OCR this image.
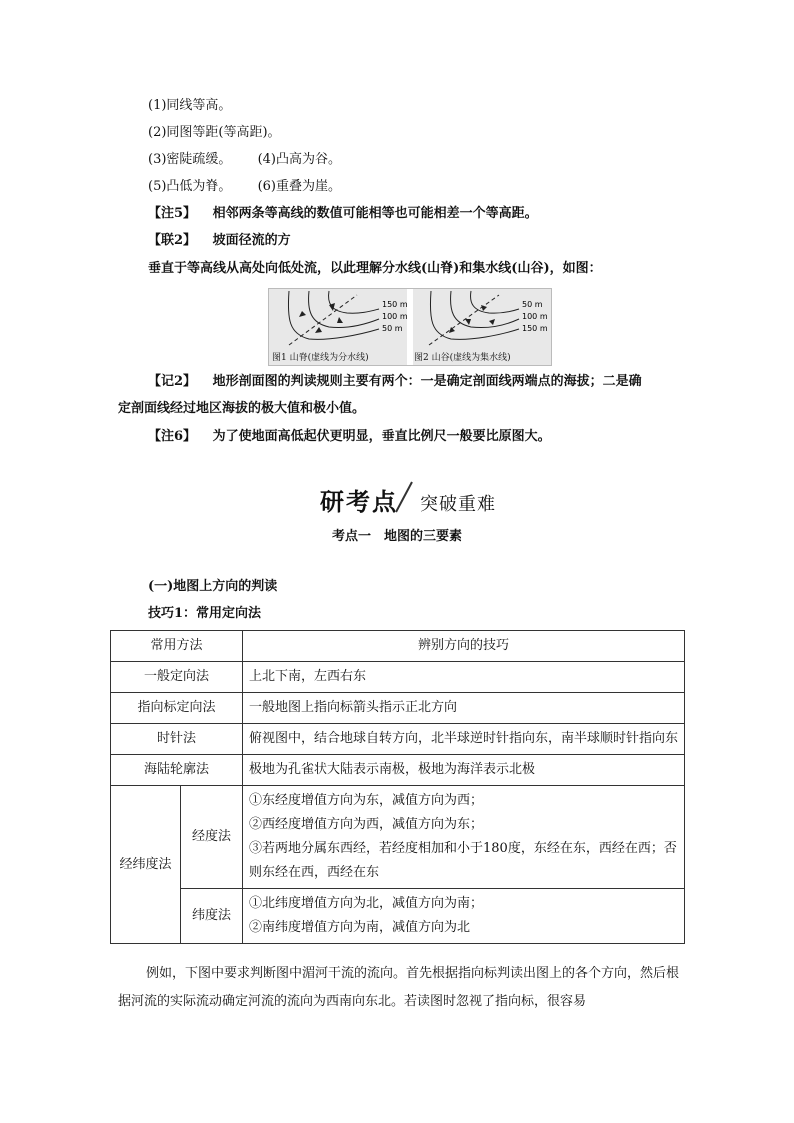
(1)同线等高。
(2)同图等距(等高距)。
(3)密陡疏缓。 (4)凸高为谷。
(5)凸低为脊。 (6)重叠为崖。
【注5】 相邻两条等高线的数值可能相等也可能相差一个等高距。
【联2】 坡面径流的方
垂直于等高线从高处向低处流，以此理解分水线(山脊)和集水线(山谷)，如图：
150 m
100 m
50 m
50 m
100 m
150 m
图1 山脊(虚线为分水线)	图2 山谷(虚线为集水线)
【记2】 地形剖面图的判读规则主要有两个：一是确定剖面线两端点的海拔；二是确
定剖面线经过地区海拔的极大值和极小值。
【注6】 为了使地面高低起伏更明显，垂直比例尺一般要比原图大。
研考点 突破重难
考点一　地图的三要素
(一)地图上方向的判读
技巧1：常用定向法
常用方法		辨别方向的技巧
一般定向法		上北下南，左西右东
指向标定向法		一般地图上指向标箭头指示正北方向
时针法		俯视图中，结合地球自转方向，北半球逆时针指向东，南半球顺时针指向东
海陆轮廓法		极地为孔雀状大陆表示南极，极地为海洋表示北极
经纬度法	经度法	①东经度增值方向为东，减值方向为西；
②西经度增值方向为西，减值方向为东；
③若两地分属东西经，若经度相加和小于180度，东经在东，西经在西；否则东经在西，西经在东

	纬度法	①北纬度增值方向为北，减值方向为南；
②南纬度增值方向为南，减值方向为北
例如，下图中要求判断图中湄河干流的流向。首先根据指向标判读出图上的各个方向，然后根据河流的实际流动确定河流的流向为西南向东北。若读图时忽视了指向标，很容易
